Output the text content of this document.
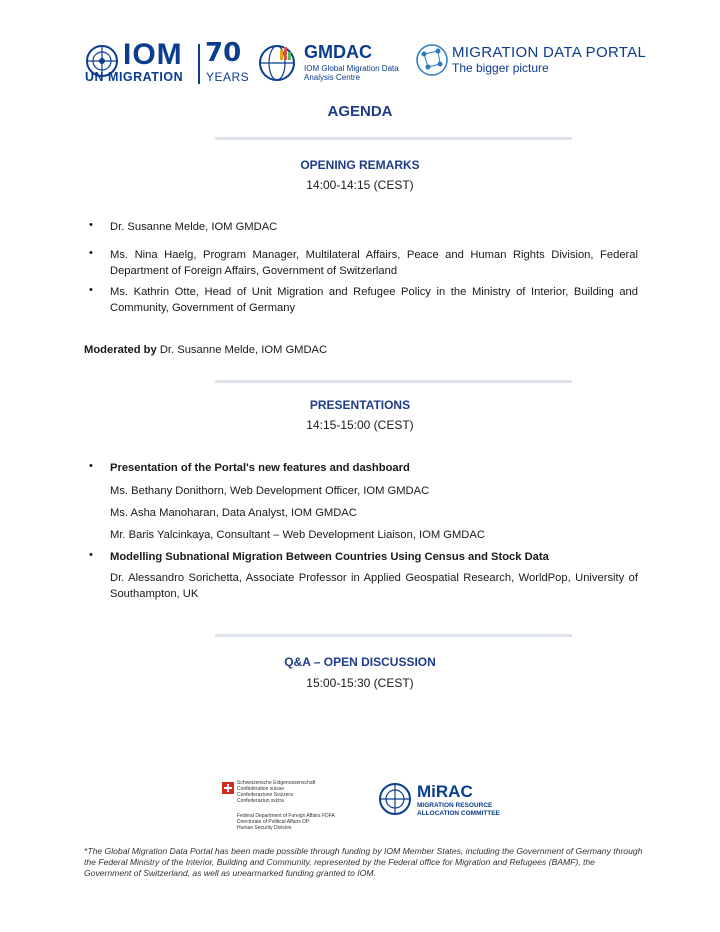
IOM
UN MIGRATION
70
YEARS
GMDAC
IOM Global Migration Data Analysis Centre
MIGRATION DATA PORTAL
The bigger picture
AGENDA
OPENING REMARKS
14:00-14:15 (CEST)
• Dr. Susanne Melde, IOM GMDAC
• Ms. Nina Haelg, Program Manager, Multilateral Affairs, Peace and Human Rights Division, Federal Department of Foreign Affairs, Government of Switzerland
• Ms. Kathrin Otte, Head of Unit Migration and Refugee Policy in the Ministry of Interior, Building and Community, Government of Germany
Moderated by Dr. Susanne Melde, IOM GMDAC
PRESENTATIONS
14:15-15:00 (CEST)
• Presentation of the Portal's new features and dashboard
Ms. Bethany Donithorn, Web Development Officer, IOM GMDAC
Ms. Asha Manoharan, Data Analyst, IOM GMDAC
Mr. Baris Yalcinkaya, Consultant – Web Development Liaison, IOM GMDAC
• Modelling Subnational Migration Between Countries Using Census and Stock Data
Dr. Alessandro Sorichetta, Associate Professor in Applied Geospatial Research, WorldPop, University of Southampton, UK
Q&A – OPEN DISCUSSION
15:00-15:30 (CEST)
Schweizerische Eidgenossenschaft
Confédération suisse
Confederazione Svizzera
Confederaziun svizra
Federal Department of Foreign Affairs FDFA
Directorate of Political Affairs DP
Human Security Division
MiRAC
MIGRATION RESOURCE ALLOCATION COMMITTEE
*The Global Migration Data Portal has been made possible through funding by IOM Member States, including the Government of Germany through the Federal Ministry of the Interior, Building and Community, represented by the Federal office for Migration and Refugees (BAMF), the Government of Switzerland, as well as unearmarked funding granted to IOM.
